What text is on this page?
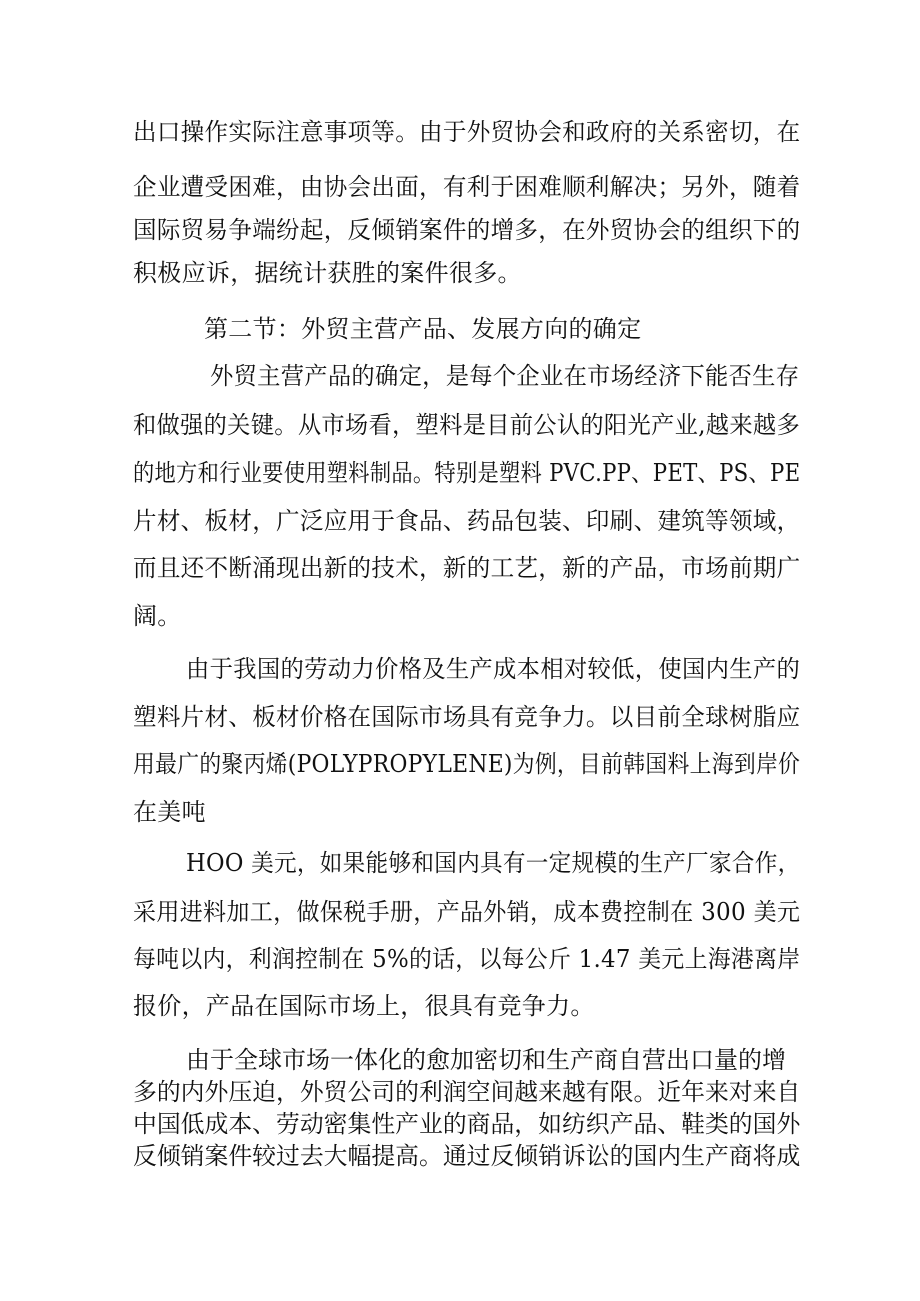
出口操作实际注意事项等。由于外贸协会和政府的关系密切，在
企业遭受困难，由协会出面，有利于困难顺利解决；另外，随着
国际贸易争端纷起，反倾销案件的增多，在外贸协会的组织下的
积极应诉，据统计获胜的案件很多。
第二节：外贸主营产品、发展方向的确定
外贸主营产品的确定，是每个企业在市场经济下能否生存
和做强的关键。从市场看，塑料是目前公认的阳光产业,越来越多
的地方和行业要使用塑料制品。特别是塑料 PVC.PP、PET、PS、PE
片材、板材，广泛应用于食品、药品包装、印刷、建筑等领域，
而且还不断涌现出新的技术，新的工艺，新的产品，市场前期广
阔。
由于我国的劳动力价格及生产成本相对较低，使国内生产的
塑料片材、板材价格在国际市场具有竞争力。以目前全球树脂应
用最广的聚丙烯(POLYPROPYLENE)为例，目前韩国料上海到岸价
在美吨
HOO 美元，如果能够和国内具有一定规模的生产厂家合作，
采用进料加工，做保税手册，产品外销，成本费控制在 300 美元
每吨以内，利润控制在 5%的话，以每公斤 1.47 美元上海港离岸
报价，产品在国际市场上，很具有竞争力。
由于全球市场一体化的愈加密切和生产商自营出口量的增
多的内外压迫，外贸公司的利润空间越来越有限。近年来对来自
中国低成本、劳动密集性产业的商品，如纺织产品、鞋类的国外
反倾销案件较过去大幅提高。通过反倾销诉讼的国内生产商将成
